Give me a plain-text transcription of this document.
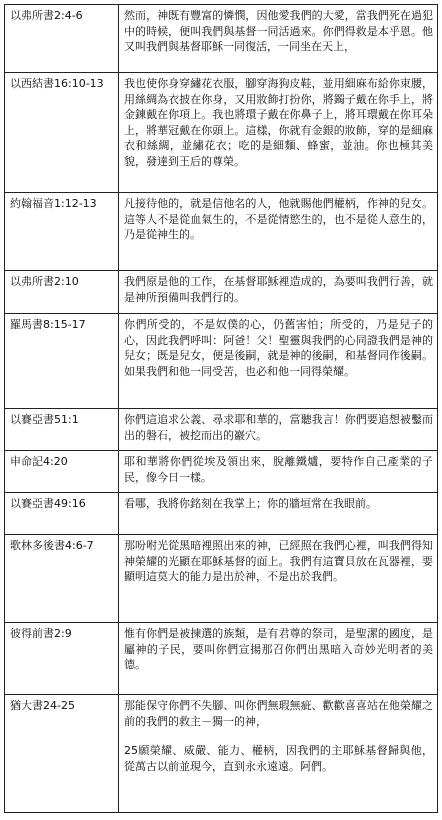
以弗所書2:4-6	然而，神既有豐富的憐憫，因他愛我們的大愛，當我們死在過犯中的時候，便叫我們與基督一同活過來。你們得救是本乎恩。他又叫我們與基督耶穌一同復活，一同坐在天上，

以西結書16:10-13	我也使你身穿繡花衣服，腳穿海狗皮鞋，並用細麻布給你束腰，用絲綢為衣披在你身，又用妝飾打扮你，將鐲子戴在你手上，將金鍊戴在你項上。我也將環子戴在你鼻子上，將耳環戴在你耳朵上，將華冠戴在你頭上。這樣，你就有金銀的妝飾，穿的是細麻衣和絲綢，並繡花衣；吃的是細麵、蜂蜜，並油。你也極其美貌，發達到王后的尊榮。

約翰福音1:12-13	凡接待他的，就是信他名的人，他就賜他們權柄，作神的兒女。這等人不是從血氣生的，不是從情慾生的，也不是從人意生的，乃是從神生的。

以弗所書2:10	我們原是他的工作，在基督耶穌裡造成的，為要叫我們行善，就是神所預備叫我們行的。

羅馬書8:15-17	你們所受的，不是奴僕的心，仍舊害怕；所受的，乃是兒子的心，因此我們呼叫：阿爸！父！聖靈與我們的心同證我們是神的兒女；既是兒女，便是後嗣，就是神的後嗣，和基督同作後嗣。如果我們和他一同受苦，也必和他一同得榮耀。

以賽亞書51:1	你們這追求公義、尋求耶和華的，當聽我言！你們要追想被鑿而出的磐石，被挖而出的巖穴。

申命記4:20	耶和華將你們從埃及領出來，脫離鐵爐，要特作自己產業的子民，像今日一樣。

以賽亞書49:16	看哪，我將你銘刻在我掌上；你的牆垣常在我眼前。

歌林多後書4:6-7	那吩咐光從黑暗裡照出來的神，已經照在我們心裡，叫我們得知神榮耀的光顯在耶穌基督的面上。我們有這寶貝放在瓦器裡，要顯明這莫大的能力是出於神，不是出於我們。

彼得前書2:9	惟有你們是被揀選的族類，是有君尊的祭司，是聖潔的國度，是屬神的子民，要叫你們宣揚那召你們出黑暗入奇妙光明者的美德。

猶大書24-25	那能保守你們不失腳、叫你們無瑕無疵、歡歡喜喜站在他榮耀之前的我們的救主－獨一的神，

25願榮耀、威嚴、能力、權柄，因我們的主耶穌基督歸與他，從萬古以前並現今，直到永永遠遠。阿們。
